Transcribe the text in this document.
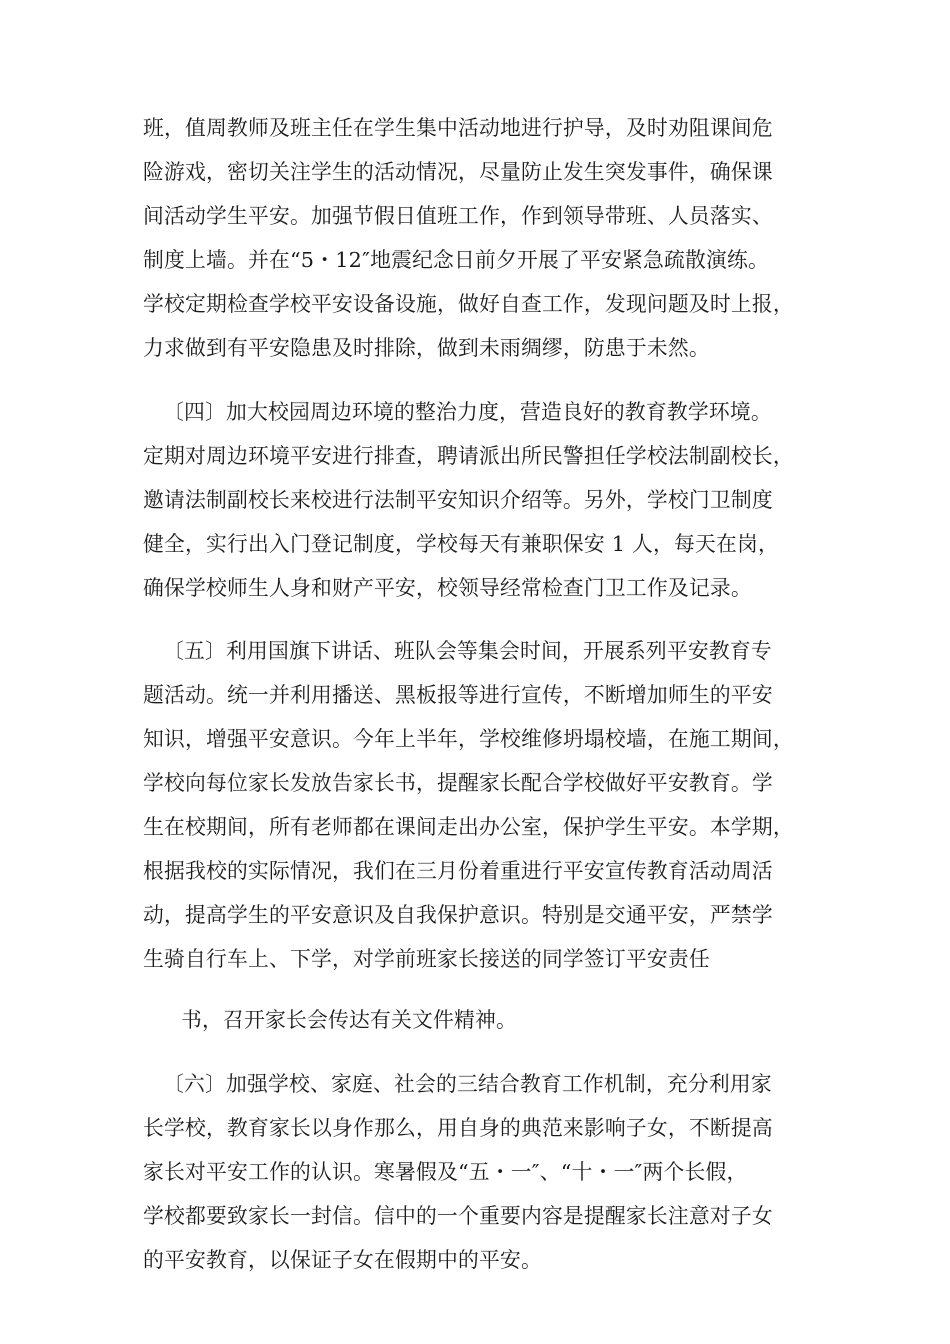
班，值周教师及班主任在学生集中活动地进行护导，及时劝阻课间危
险游戏，密切关注学生的活动情况，尽量防止发生突发事件，确保课
间活动学生平安。加强节假日值班工作，作到领导带班、人员落实、
制度上墙。并在“5・12″地震纪念日前夕开展了平安紧急疏散演练。
学校定期检查学校平安设备设施，做好自查工作，发现问题及时上报，
力求做到有平安隐患及时排除，做到未雨绸缪，防患于未然。
〔四〕加大校园周边环境的整治力度，营造良好的教育教学环境。
定期对周边环境平安进行排查，聘请派出所民警担任学校法制副校长，
邀请法制副校长来校进行法制平安知识介绍等。另外，学校门卫制度
健全，实行出入门登记制度，学校每天有兼职保安 1 人，每天在岗，
确保学校师生人身和财产平安，校领导经常检查门卫工作及记录。
〔五〕利用国旗下讲话、班队会等集会时间，开展系列平安教育专
题活动。统一并利用播送、黑板报等进行宣传，不断增加师生的平安
知识，增强平安意识。今年上半年，学校维修坍塌校墙，在施工期间，
学校向每位家长发放告家长书，提醒家长配合学校做好平安教育。学
生在校期间，所有老师都在课间走出办公室，保护学生平安。本学期，
根据我校的实际情况，我们在三月份着重进行平安宣传教育活动周活
动，提高学生的平安意识及自我保护意识。特别是交通平安，严禁学
生骑自行车上、下学，对学前班家长接送的同学签订平安责任
书，召开家长会传达有关文件精神。
〔六〕加强学校、家庭、社会的三结合教育工作机制，充分利用家
长学校，教育家长以身作那么，用自身的典范来影响子女，不断提高
家长对平安工作的认识。寒暑假及“五・一″、“十・一″两个长假，
学校都要致家长一封信。信中的一个重要内容是提醒家长注意对子女
的平安教育，以保证子女在假期中的平安。
